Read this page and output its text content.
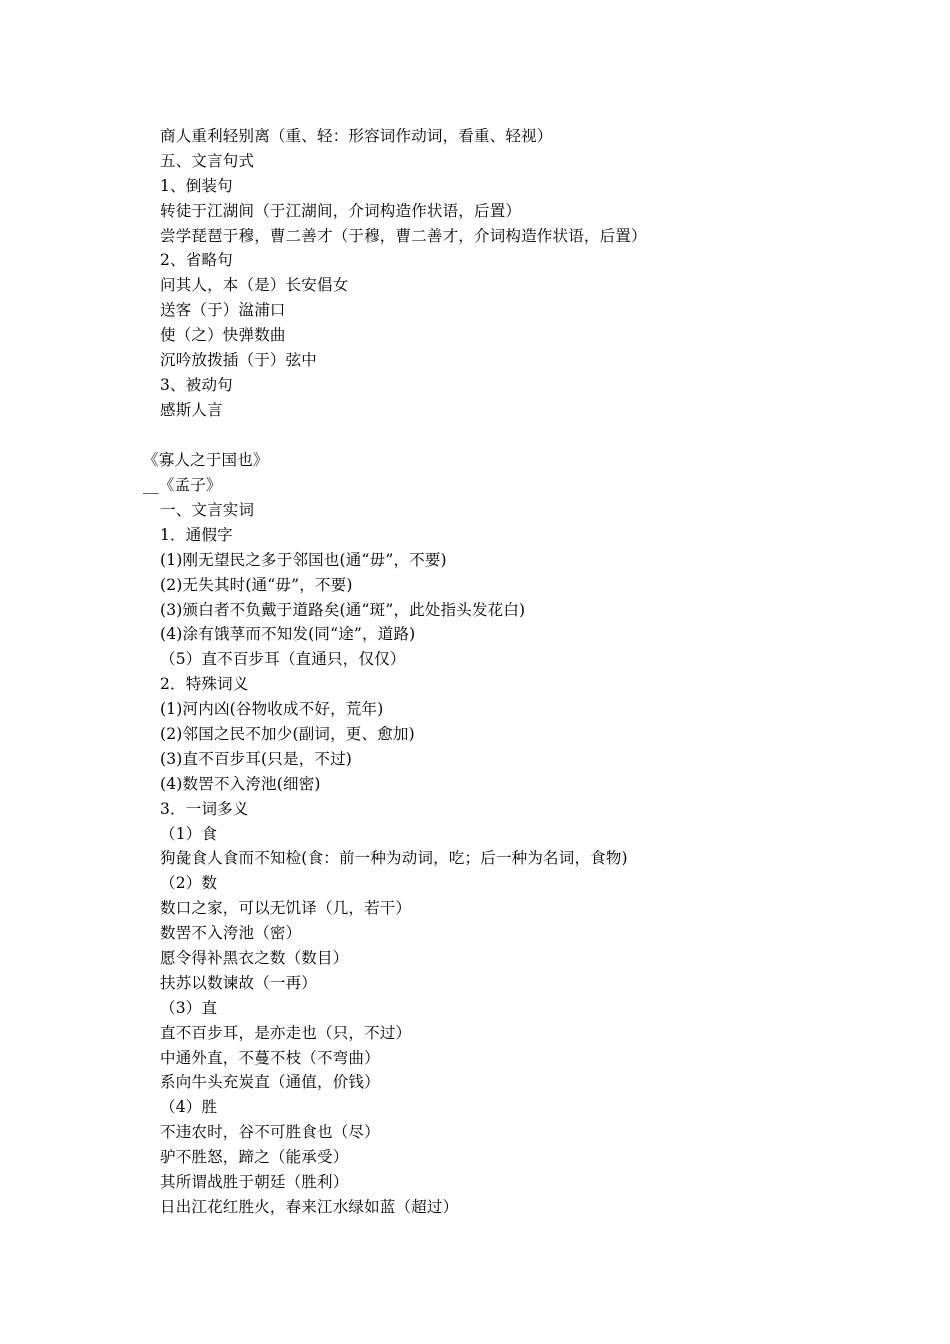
商人重利轻别离（重、轻：形容词作动词，看重、轻视）
五、文言句式
1、倒装句
转徒于江湖间（于江湖间，介词构造作状语，后置）
尝学琵琶于穆，曹二善才（于穆，曹二善才，介词构造作状语，后置）
2、省略句
问其人，本（是）长安倡女
送客（于）湓浦口
使（之）快弹数曲
沉吟放拨插（于）弦中
3、被动句
感斯人言
《寡人之于国也》
__《孟子》
一、文言实词
1．通假字
(1)刚无望民之多于邻国也(通“毋”，不要)
(2)无失其时(通“毋”，不要)
(3)颁白者不负戴于道路矣(通“斑”，此处指头发花白)
(4)涂有饿莩而不知发(同“途”，道路)
（5）直不百步耳（直通只，仅仅）
2．特殊词义
(1)河内凶(谷物收成不好，荒年)
(2)邻国之民不加少(副词，更、愈加)
(3)直不百步耳(只是，不过)
(4)数罟不入洿池(细密)
3．一词多义
（1）食
狗彘食人食而不知检(食：前一种为动词，吃；后一种为名词，食物)
（2）数
数口之家，可以无饥译（几，若干）
数罟不入洿池（密）
愿令得补黑衣之数（数目）
扶苏以数谏故（一再）
（3）直
直不百步耳，是亦走也（只，不过）
中通外直，不蔓不枝（不弯曲）
系向牛头充炭直（通值，价钱）
（4）胜
不违农时，谷不可胜食也（尽）
驴不胜怒，蹄之（能承受）
其所谓战胜于朝廷（胜利）
日出江花红胜火，春来江水绿如蓝（超过）
